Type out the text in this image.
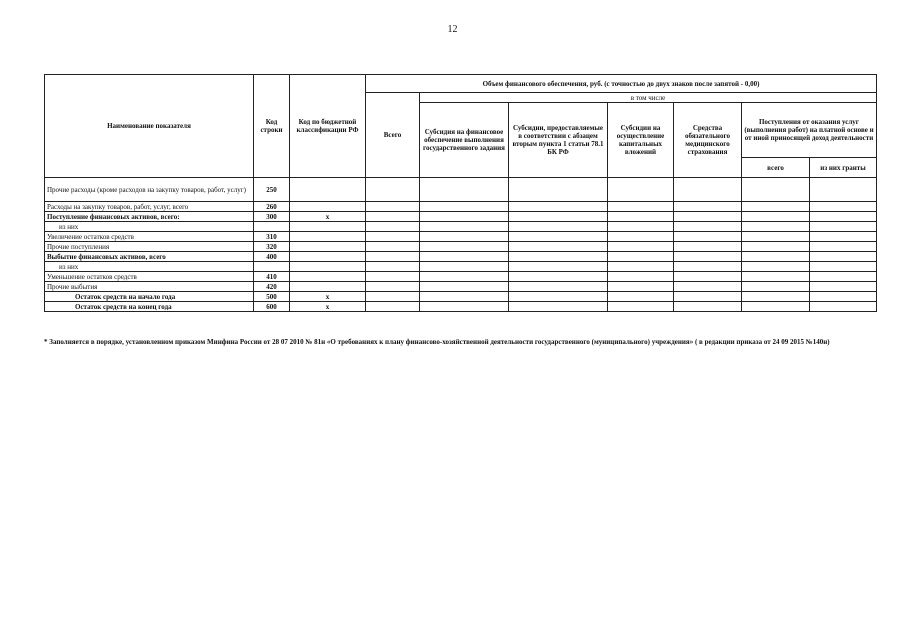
12
Наименование показателя	Код строки	Код по бюджетной классификации РФ	Объем финансового обеспечения, руб. (с точностью до двух знаков после запятой - 0,00)						
			Всего	в том числе					
				Субсидия на финансовое обеспечение выполнения государственного задания	Субсидии, предоставляемые в соответствии с абзацем вторым пункта 1 статьи 78.1 БК РФ	Субсидии на осуществление капитальных вложений	Средства обязательного медицинского страхования	Поступления от оказания услуг (выполнения работ) на платной основе и от иной приносящей доход деятельности	
								всего	из них гранты
Прочие расходы (кроме расходов на закупку товаров, работ, услуг)	250								
Расходы на закупку товаров, работ, услуг, всего	260								
Поступление финансовых активов, всего:	300	x							
из них									
Увеличение остатков средств	310								
Прочие поступления	320								
Выбытие финансовых активов, всего	400								
из них									
Уменьшение остатков средств	410								
Прочие выбытия	420								
Остаток средств на начало года	500	x							
Остаток средств на конец года	600	x							
* Заполняется в порядке, установленном приказом Минфина России от 28 07 2010 № 81н «О требованиях к плану финансово-хозяйственной деятельности государственного (муниципального) учреждения» ( в редакции приказа от 24 09 2015 №140н)
